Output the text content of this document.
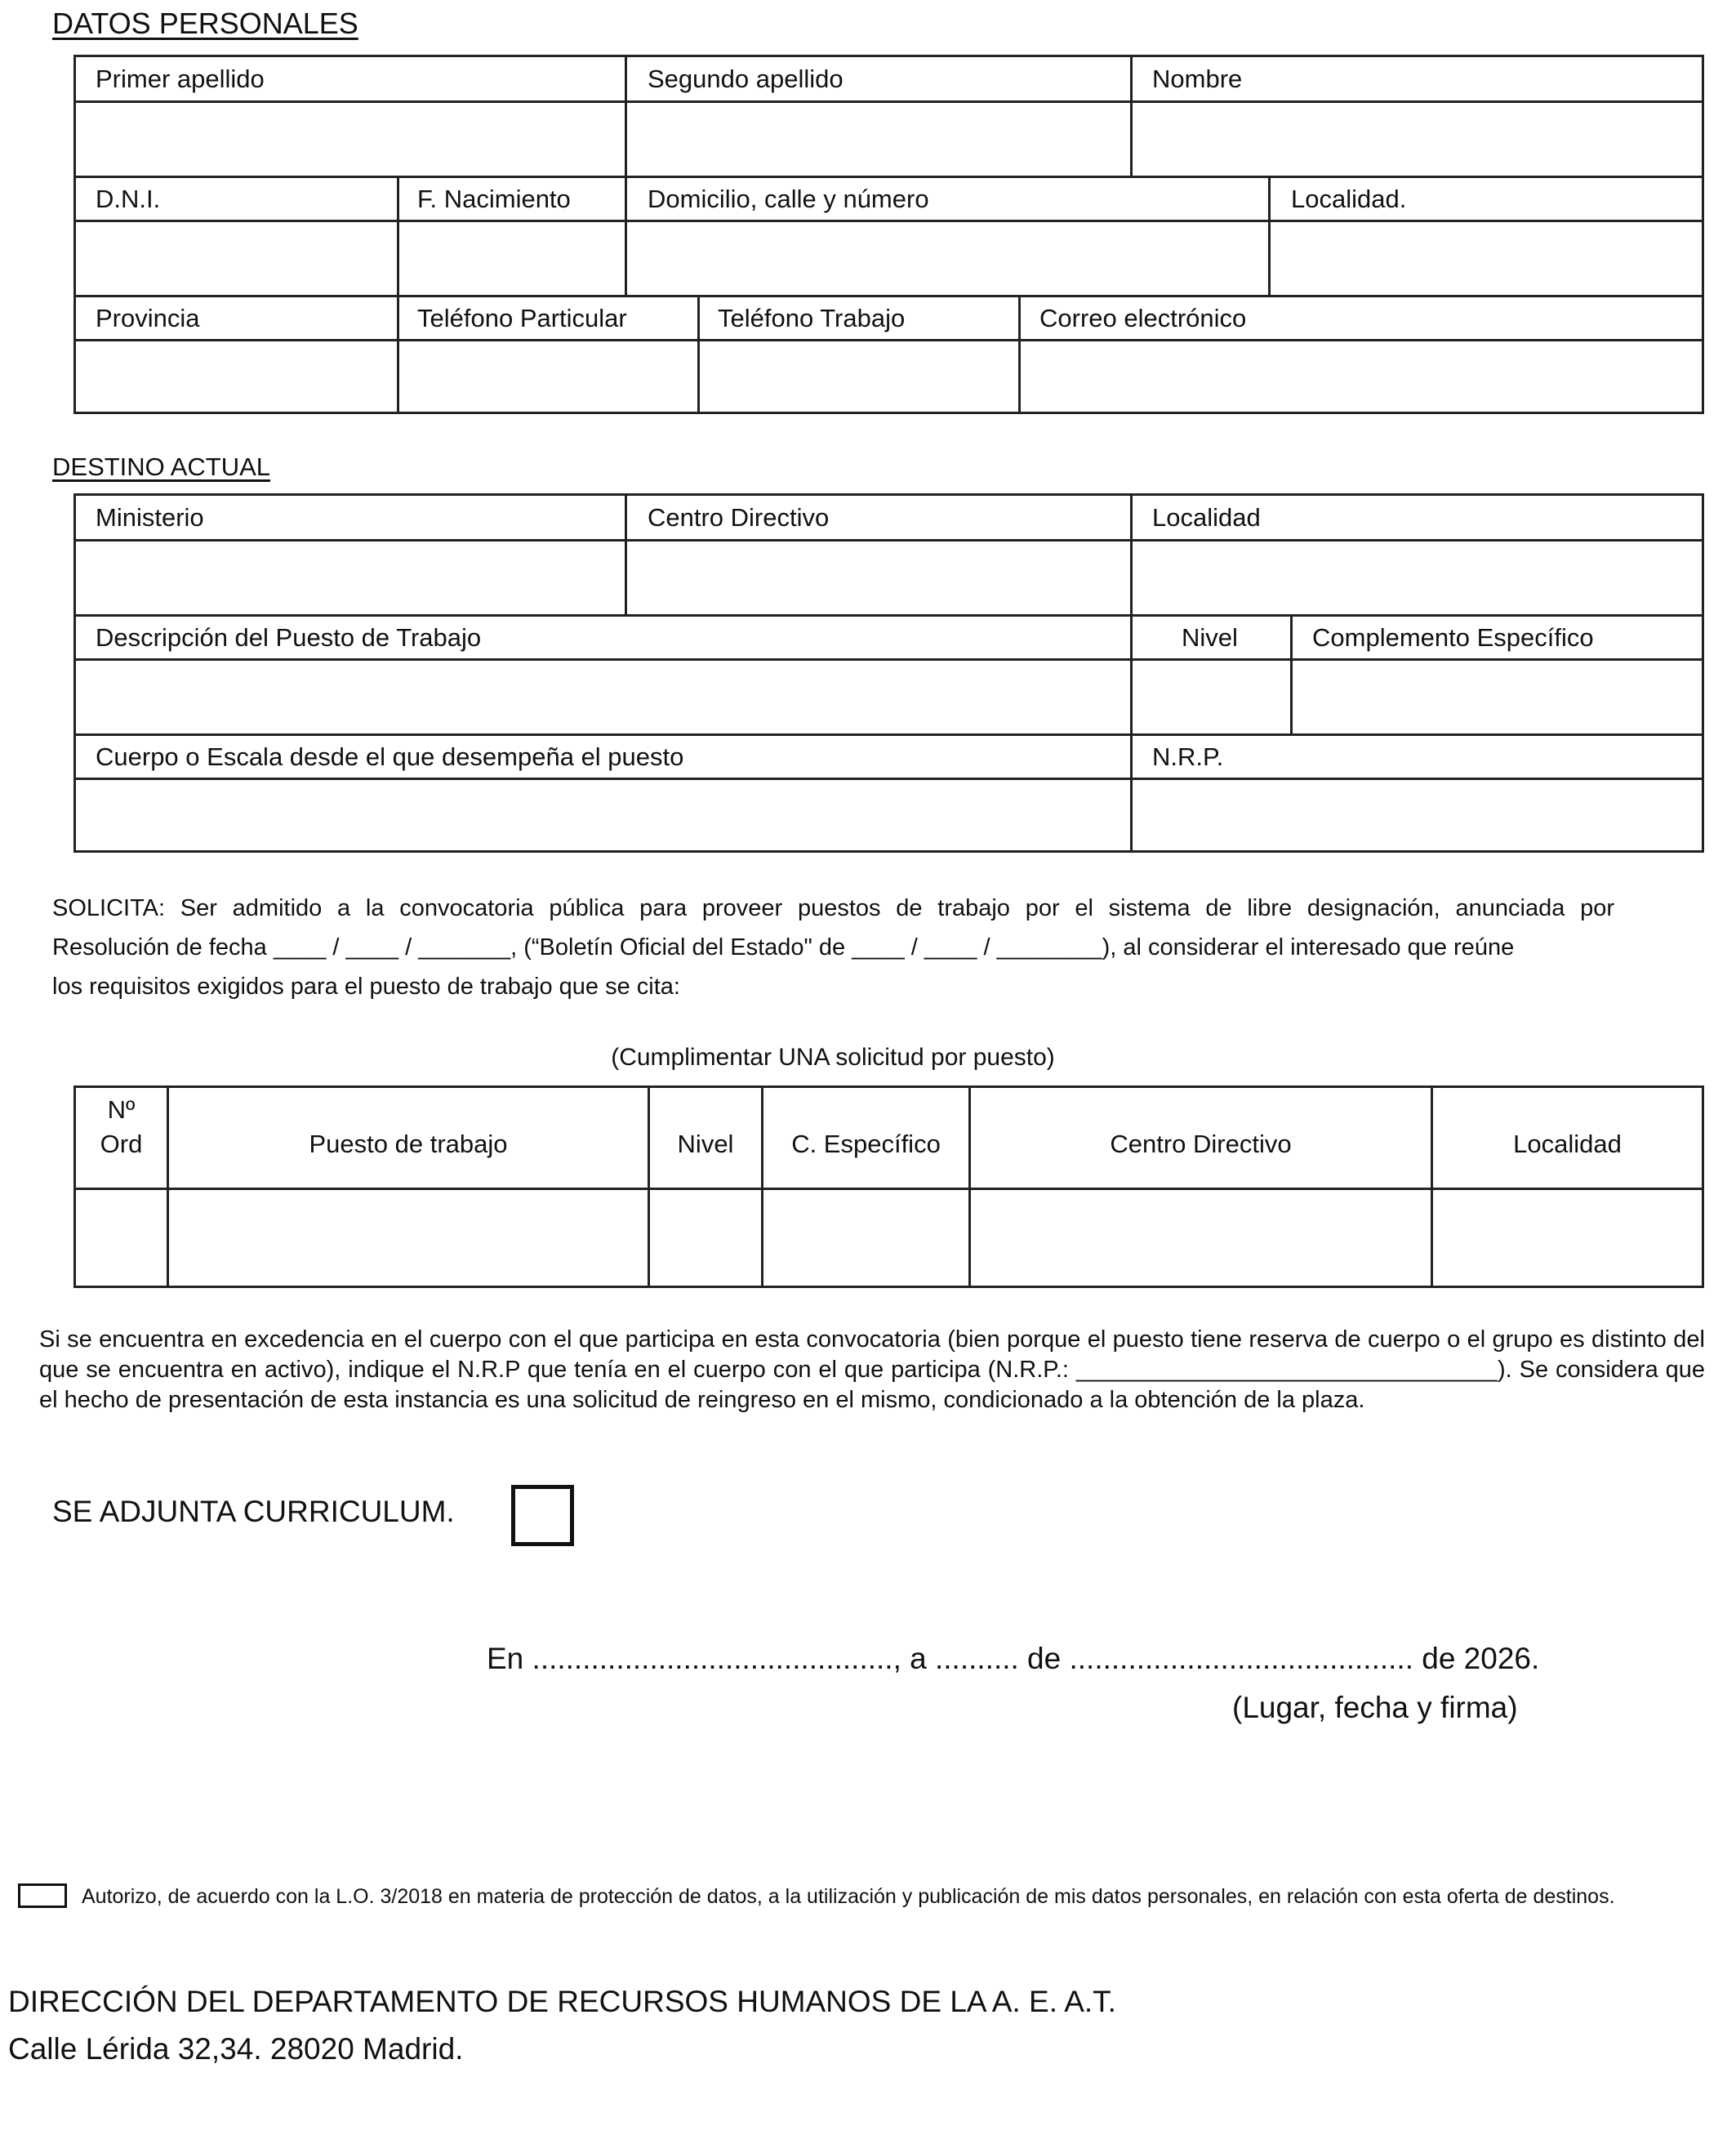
DATOS PERSONALES
Primer apellido	Segundo apellido	Nombre
D.N.I.	F. Nacimiento	Domicilio, calle y número	Localidad.
Provincia	Teléfono Particular	Teléfono Trabajo	Correo electrónico
DESTINO ACTUAL
Ministerio	Centro Directivo	Localidad
Descripción del Puesto de Trabajo	Nivel	Complemento Específico
Cuerpo o Escala desde el que desempeña el puesto	N.R.P.
SOLICITA: Ser admitido a la convocatoria pública para proveer puestos de trabajo por el sistema de libre designación, anunciada por
Resolución de fecha ____ / ____ / _______, (“Boletín Oficial del Estado" de ____ / ____ / ________), al considerar el interesado que reúne
los requisitos exigidos para el puesto de trabajo que se cita:
(Cumplimentar UNA solicitud por puesto)
Nº
Ord	Puesto de trabajo	Nivel	C. Específico	Centro Directivo	Localidad
Si se encuentra en excedencia en el cuerpo con el que participa en esta convocatoria (bien porque el puesto tiene reserva de cuerpo o el grupo es distinto del que se encuentra en activo), indique el N.R.P que tenía en el cuerpo con el que participa (N.R.P.: ________________________________). Se considera que el hecho de presentación de esta instancia es una solicitud de reingreso en el mismo, condicionado a la obtención de la plaza.
SE ADJUNTA CURRICULUM.
En ..........................................., a .......... de ......................................... de 2026.
(Lugar, fecha y firma)
Autorizo, de acuerdo con la L.O. 3/2018 en materia de protección de datos, a la utilización y publicación de mis datos personales, en relación con esta oferta de destinos.
DIRECCIÓN DEL DEPARTAMENTO DE RECURSOS HUMANOS DE LA A. E. A.T.
Calle Lérida 32,34. 28020 Madrid.
